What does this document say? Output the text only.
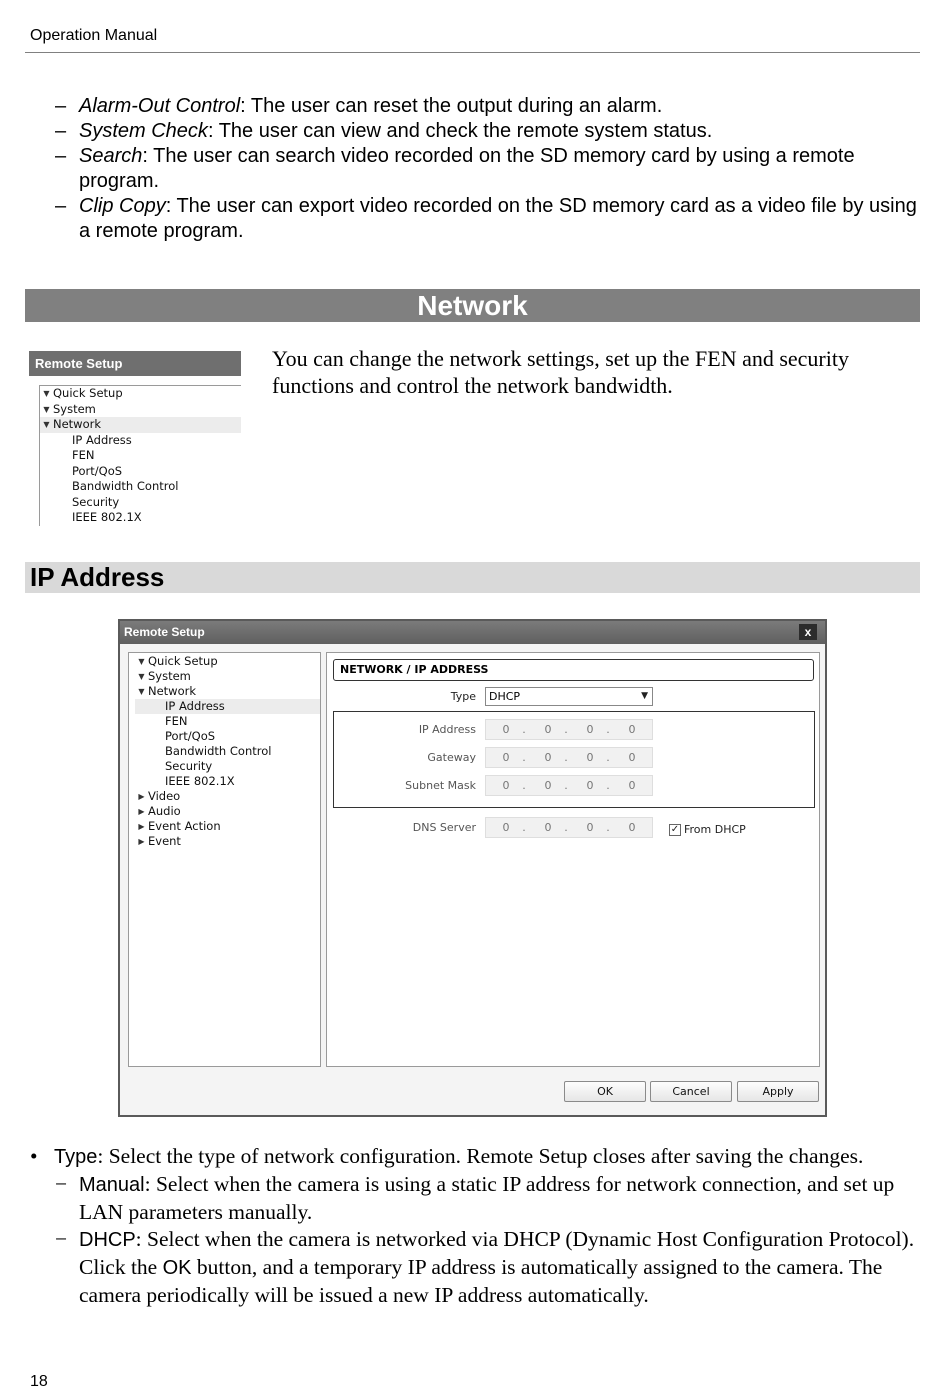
Operation Manual
– Alarm-Out Control: The user can reset the output during an alarm.
– System Check: The user can view and check the remote system status.
– Search: The user can search video recorded on the SD memory card by using a remote program.
– Clip Copy: The user can export video recorded on the SD memory card as a video file by using a remote program.
Network
Remote Setup
▼ Quick Setup
▼ System
▼ Network
IP Address
FEN
Port/QoS
Bandwidth Control
Security
IEEE 802.1X
You can change the network settings, set up the FEN and security functions and control the network bandwidth.
IP Address
Remote Setup	x
▼ Quick Setup
▼ System
▼ Network
IP Address
FEN
Port/QoS
Bandwidth Control
Security
IEEE 802.1X
▶ Video
▶ Audio
▶ Event Action
▶ Event
NETWORK / IP ADDRESS
Type	DHCP	▼
IP Address 0	.	0	.	0	.	0
Gateway 0	.	0	.	0	.	0
Subnet Mask 0	.	0	.	0	.	0
DNS Server 0	.	0	.	0	.	0	✓ From DHCP
OK	Cancel	Apply
• Type: Select the type of network configuration. Remote Setup closes after saving the changes.
− Manual: Select when the camera is using a static IP address for network connection, and set up LAN parameters manually.
− DHCP: Select when the camera is networked via DHCP (Dynamic Host Configuration Protocol). Click the OK button, and a temporary IP address is automatically assigned to the camera. The camera periodically will be issued a new IP address automatically.
18
